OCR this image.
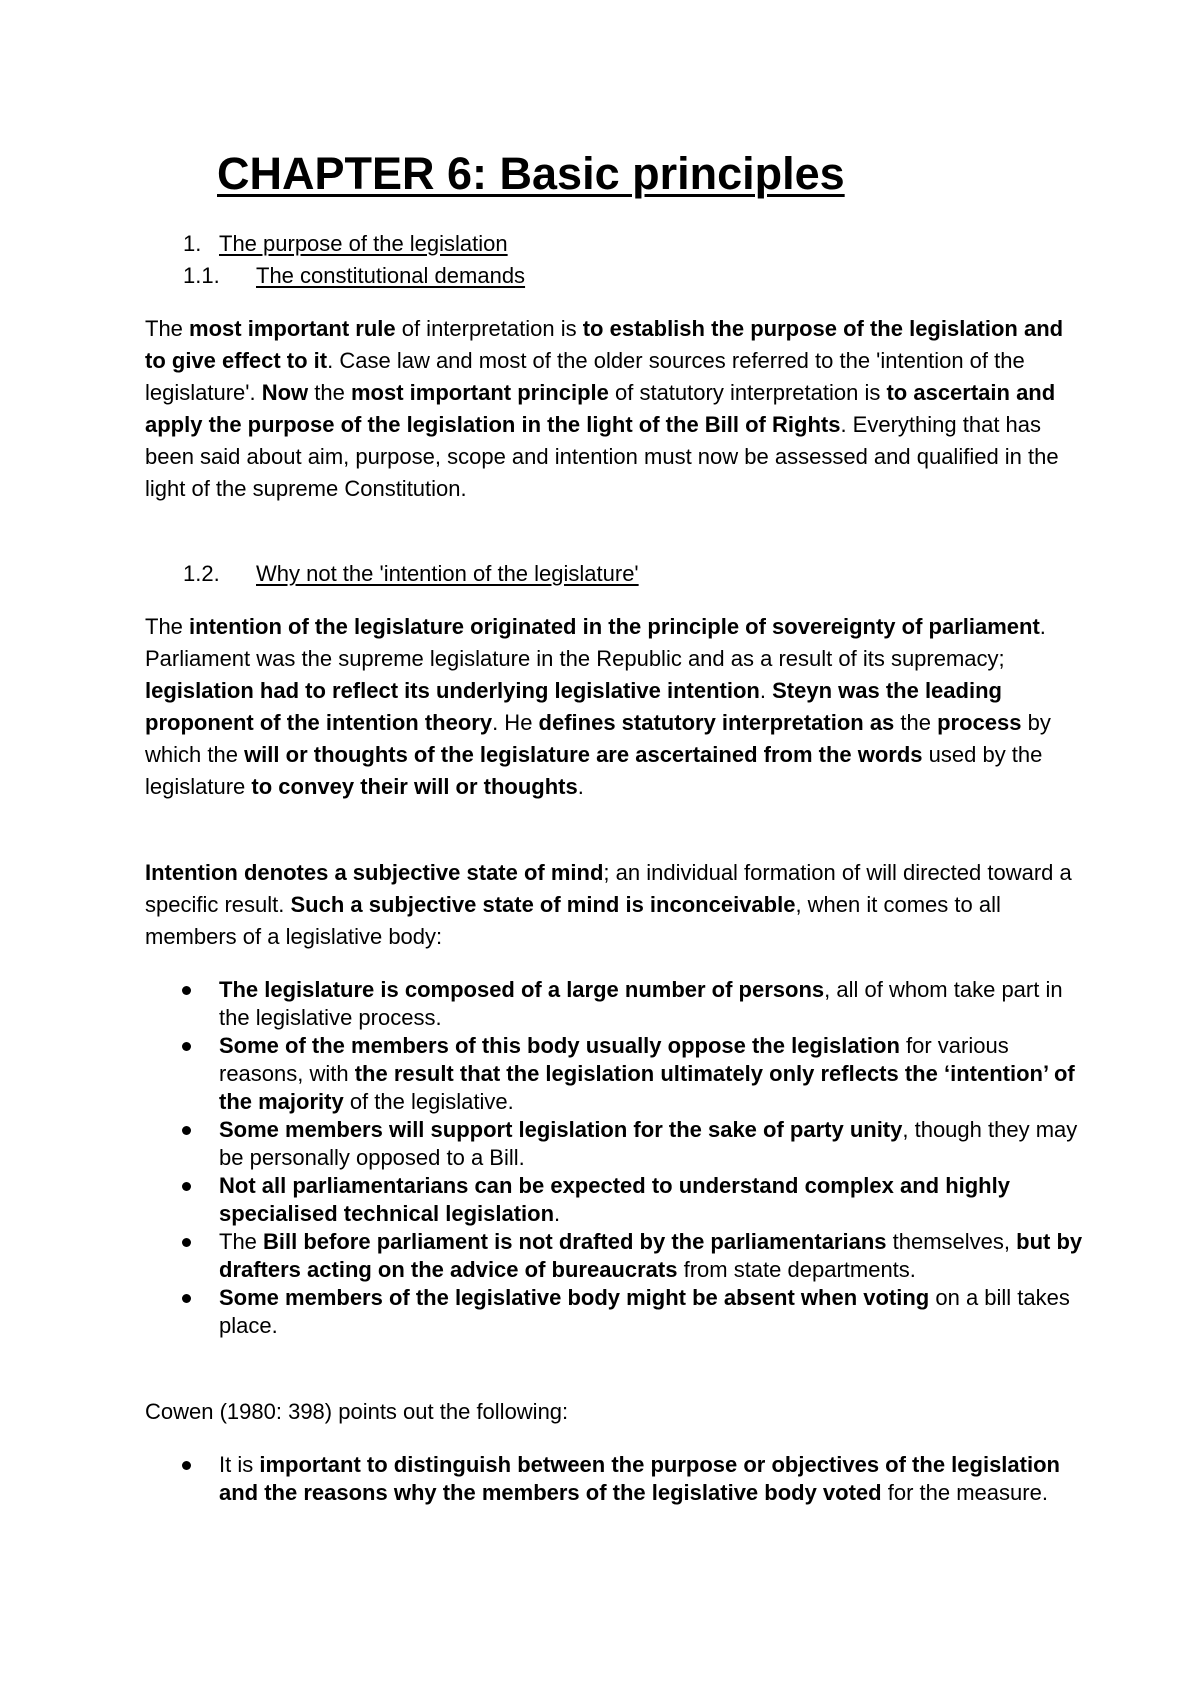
CHAPTER 6: Basic principles
1. The purpose of the legislation
1.1. The constitutional demands

The most important rule of interpretation is to establish the purpose of the legislation and to give effect to it. Case law and most of the older sources referred to the 'intention of the legislature'. Now the most important principle of statutory interpretation is to ascertain and apply the purpose of the legislation in the light of the Bill of Rights. Everything that has been said about aim, purpose, scope and intention must now be assessed and qualified in the light of the supreme Constitution.

1.2. Why not the 'intention of the legislature'

The intention of the legislature originated in the principle of sovereignty of parliament. Parliament was the supreme legislature in the Republic and as a result of its supremacy; legislation had to reflect its underlying legislative intention. Steyn was the leading proponent of the intention theory. He defines statutory interpretation as the process by which the will or thoughts of the legislature are ascertained from the words used by the legislature to convey their will or thoughts.

Intention denotes a subjective state of mind; an individual formation of will directed toward a specific result. Such a subjective state of mind is inconceivable, when it comes to all members of a legislative body:

The legislature is composed of a large number of persons, all of whom take part in the legislative process.
Some of the members of this body usually oppose the legislation for various reasons, with the result that the legislation ultimately only reflects the ‘intention’ of the majority of the legislative.
Some members will support legislation for the sake of party unity, though they may be personally opposed to a Bill.
Not all parliamentarians can be expected to understand complex and highly specialised technical legislation.
The Bill before parliament is not drafted by the parliamentarians themselves, but by drafters acting on the advice of bureaucrats from state departments.
Some members of the legislative body might be absent when voting on a bill takes place.

Cowen (1980: 398) points out the following:

It is important to distinguish between the purpose or objectives of the legislation and the reasons why the members of the legislative body voted for the measure.
